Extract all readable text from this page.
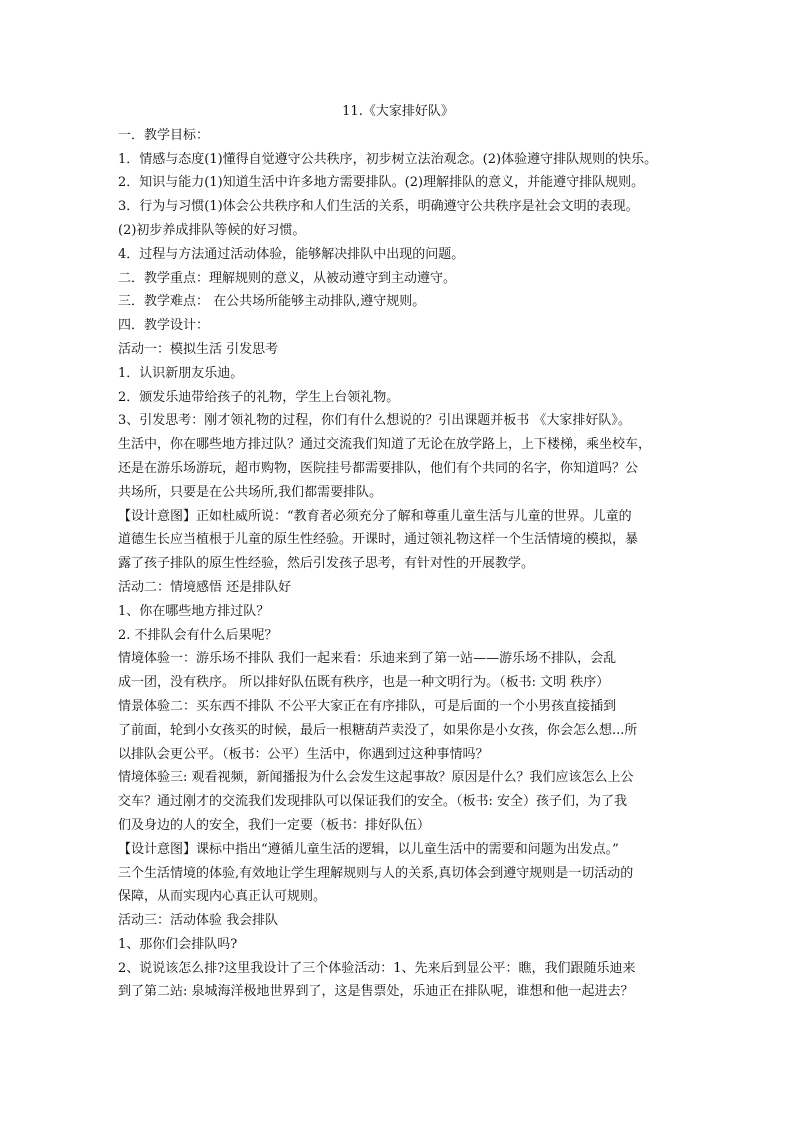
11.《大家排好队》

一．教学目标：

1．情感与态度(1)懂得自觉遵守公共秩序，初步树立法治观念。(2)体验遵守排队规则的快乐。

2．知识与能力(1)知道生活中许多地方需要排队。(2)理解排队的意义，并能遵守排队规则。

3．行为与习惯(1)体会公共秩序和人们生活的关系，明确遵守公共秩序是社会文明的表现。

(2)初步养成排队等候的好习惯。

4．过程与方法通过活动体验，能够解决排队中出现的问题。

二．教学重点：理解规则的意义，从被动遵守到主动遵守。

三．教学难点： 在公共场所能够主动排队,遵守规则。

四．教学设计：

活动一：模拟生活 引发思考

1．认识新朋友乐迪。

2．颁发乐迪带给孩子的礼物，学生上台领礼物。

3、引发思考：刚才领礼物的过程，你们有什么想说的？引出课题并板书 《大家排好队》。

生活中，你在哪些地方排过队？通过交流我们知道了无论在放学路上，上下楼梯，乘坐校车，

还是在游乐场游玩，超市购物，医院挂号都需要排队，他们有个共同的名字，你知道吗？公

共场所，只要是在公共场所,我们都需要排队。

【设计意图】正如杜威所说：“教育者必须充分了解和尊重儿童生活与儿童的世界。儿童的

道德生长应当植根于儿童的原生性经验。开课时，通过领礼物这样一个生活情境的模拟，暴

露了孩子排队的原生性经验，然后引发孩子思考，有针对性的开展教学。

活动二：情境感悟 还是排队好

1、你在哪些地方排过队？

2. 不排队会有什么后果呢？

情境体验一：游乐场不排队 我们一起来看：乐迪来到了第一站——游乐场不排队，会乱

成一团，没有秩序。 所以排好队伍既有秩序，也是一种文明行为。（板书: 文明 秩序）

情景体验二：买东西不排队 不公平大家正在有序排队，可是后面的一个小男孩直接插到

了前面，轮到小女孩买的时候，最后一根糖葫芦卖没了，如果你是小女孩，你会怎么想...所

以排队会更公平。（板书：公平）生活中，你遇到过这种事情吗？

情境体验三: 观看视频，新闻播报为什么会发生这起事故？原因是什么？我们应该怎么上公

交车？通过刚才的交流我们发现排队可以保证我们的安全。（板书: 安全）孩子们，为了我

们及身边的人的安全，我们一定要（板书：排好队伍）

【设计意图】课标中指出“遵循儿童生活的逻辑，以儿童生活中的需要和问题为出发点。”

三个生活情境的体验,有效地让学生理解规则与人的关系,真切体会到遵守规则是一切活动的

保障，从而实现内心真正认可规则。

活动三：活动体验 我会排队

1、那你们会排队吗?

2、说说该怎么排?这里我设计了三个体验活动：1、先来后到显公平：瞧，我们跟随乐迪来

到了第二站: 泉城海洋极地世界到了，这是售票处，乐迪正在排队呢，谁想和他一起进去？
